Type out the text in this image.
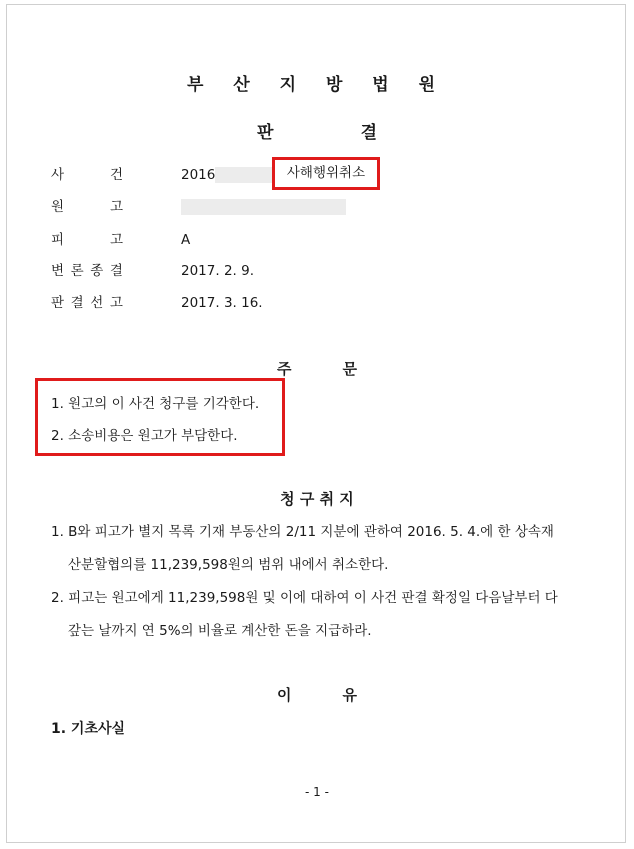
부 산 지 방 법 원
판	결
사	건	2016	사해행위취소
원	고
피	고	A
변 론 종 결	2017. 2. 9.
판 결 선 고	2017. 3. 16.
주	문
1. 원고의 이 사건 청구를 기각한다.
2. 소송비용은 원고가 부담한다.
청 구 취 지
1. B와 피고가 별지 목록 기재 부동산의 2/11 지분에 관하여 2016. 5. 4.에 한 상속재
산분할협의를 11,239,598원의 범위 내에서 취소한다.
2. 피고는 원고에게 11,239,598원 및 이에 대하여 이 사건 판결 확정일 다음날부터 다
갚는 날까지 연 5%의 비율로 계산한 돈을 지급하라.
이	유
1. 기초사실
- 1 -
